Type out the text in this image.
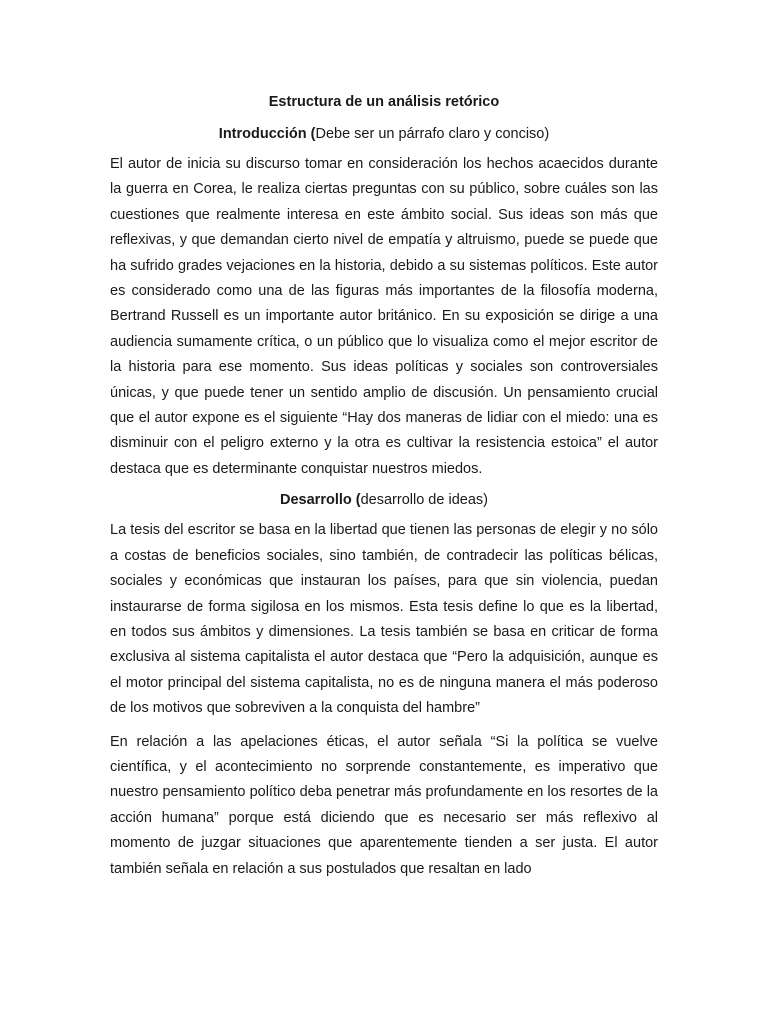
Estructura de un análisis retórico
Introducción (Debe ser un párrafo claro y conciso)

El autor de inicia su discurso tomar en consideración los hechos acaecidos durante la guerra en Corea, le realiza ciertas preguntas con su público, sobre cuáles son las cuestiones que realmente interesa en este ámbito social. Sus ideas son más que reflexivas, y que demandan cierto nivel de empatía y altruismo, puede se puede que ha sufrido grades vejaciones en la historia, debido a su sistemas políticos. Este autor es considerado como una de las figuras más importantes de la filosofía moderna, Bertrand Russell es un importante autor británico. En su exposición se dirige a una audiencia sumamente crítica, o un público que lo visualiza como el mejor escritor de la historia para ese momento. Sus ideas políticas y sociales son controversiales únicas, y que puede tener un sentido amplio de discusión. Un pensamiento crucial que el autor expone es el siguiente “Hay dos maneras de lidiar con el miedo: una es disminuir con el peligro externo y la otra es cultivar la resistencia estoica” el autor destaca que es determinante conquistar nuestros miedos.

Desarrollo (desarrollo de ideas)

La tesis del escritor se basa en la libertad que tienen las personas de elegir y no sólo a costas de beneficios sociales, sino también, de contradecir las políticas bélicas, sociales y económicas que instauran los países, para que sin violencia, puedan instaurarse de forma sigilosa en los mismos. Esta tesis define lo que es la libertad, en todos sus ámbitos y dimensiones. La tesis también se basa en criticar de forma exclusiva al sistema capitalista el autor destaca que “Pero la adquisición, aunque es el motor principal del sistema capitalista, no es de ninguna manera el más poderoso de los motivos que sobreviven a la conquista del hambre”

En relación a las apelaciones éticas, el autor señala “Si la política se vuelve científica, y el acontecimiento no sorprende constantemente, es imperativo que nuestro pensamiento político deba penetrar más profundamente en los resortes de la acción humana” porque está diciendo que es necesario ser más reflexivo al momento de juzgar situaciones que aparentemente tienden a ser justa. El autor también señala en relación a sus postulados que resaltan en lado
